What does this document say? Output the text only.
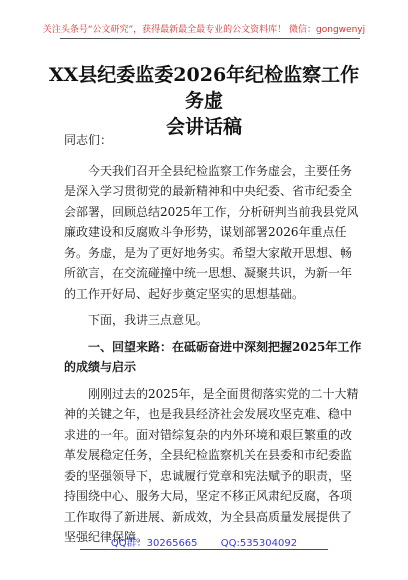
关注头条号“公文研究”，获得最新最全最专业的公文资料库！ 微信：gongwenyj
XX县纪委监委2026年纪检监察工作务虚
会讲话稿

同志们：

今天我们召开全县纪检监察工作务虚会，主要任务是深入学习贯彻党的最新精神和中央纪委、省市纪委全会部署，回顾总结2025年工作，分析研判当前我县党风廉政建设和反腐败斗争形势，谋划部署2026年重点任务。务虚，是为了更好地务实。希望大家敞开思想、畅所欲言，在交流碰撞中统一思想、凝聚共识，为新一年的工作开好局、起好步奠定坚实的思想基础。

下面，我讲三点意见。

一、回望来路：在砥砺奋进中深刻把握2025年工作的成绩与启示

刚刚过去的2025年，是全面贯彻落实党的二十大精神的关键之年，也是我县经济社会发展攻坚克难、稳中求进的一年。面对错综复杂的内外环境和艰巨繁重的改革发展稳定任务，全县纪检监察机关在县委和市纪委监委的坚强领导下，忠诚履行党章和宪法赋予的职责，坚持围绕中心、服务大局，坚定不移正风肃纪反腐，各项工作取得了新进展、新成效，为全县高质量发展提供了坚强纪律保障。

QQ群：30265665 QQ:535304092
